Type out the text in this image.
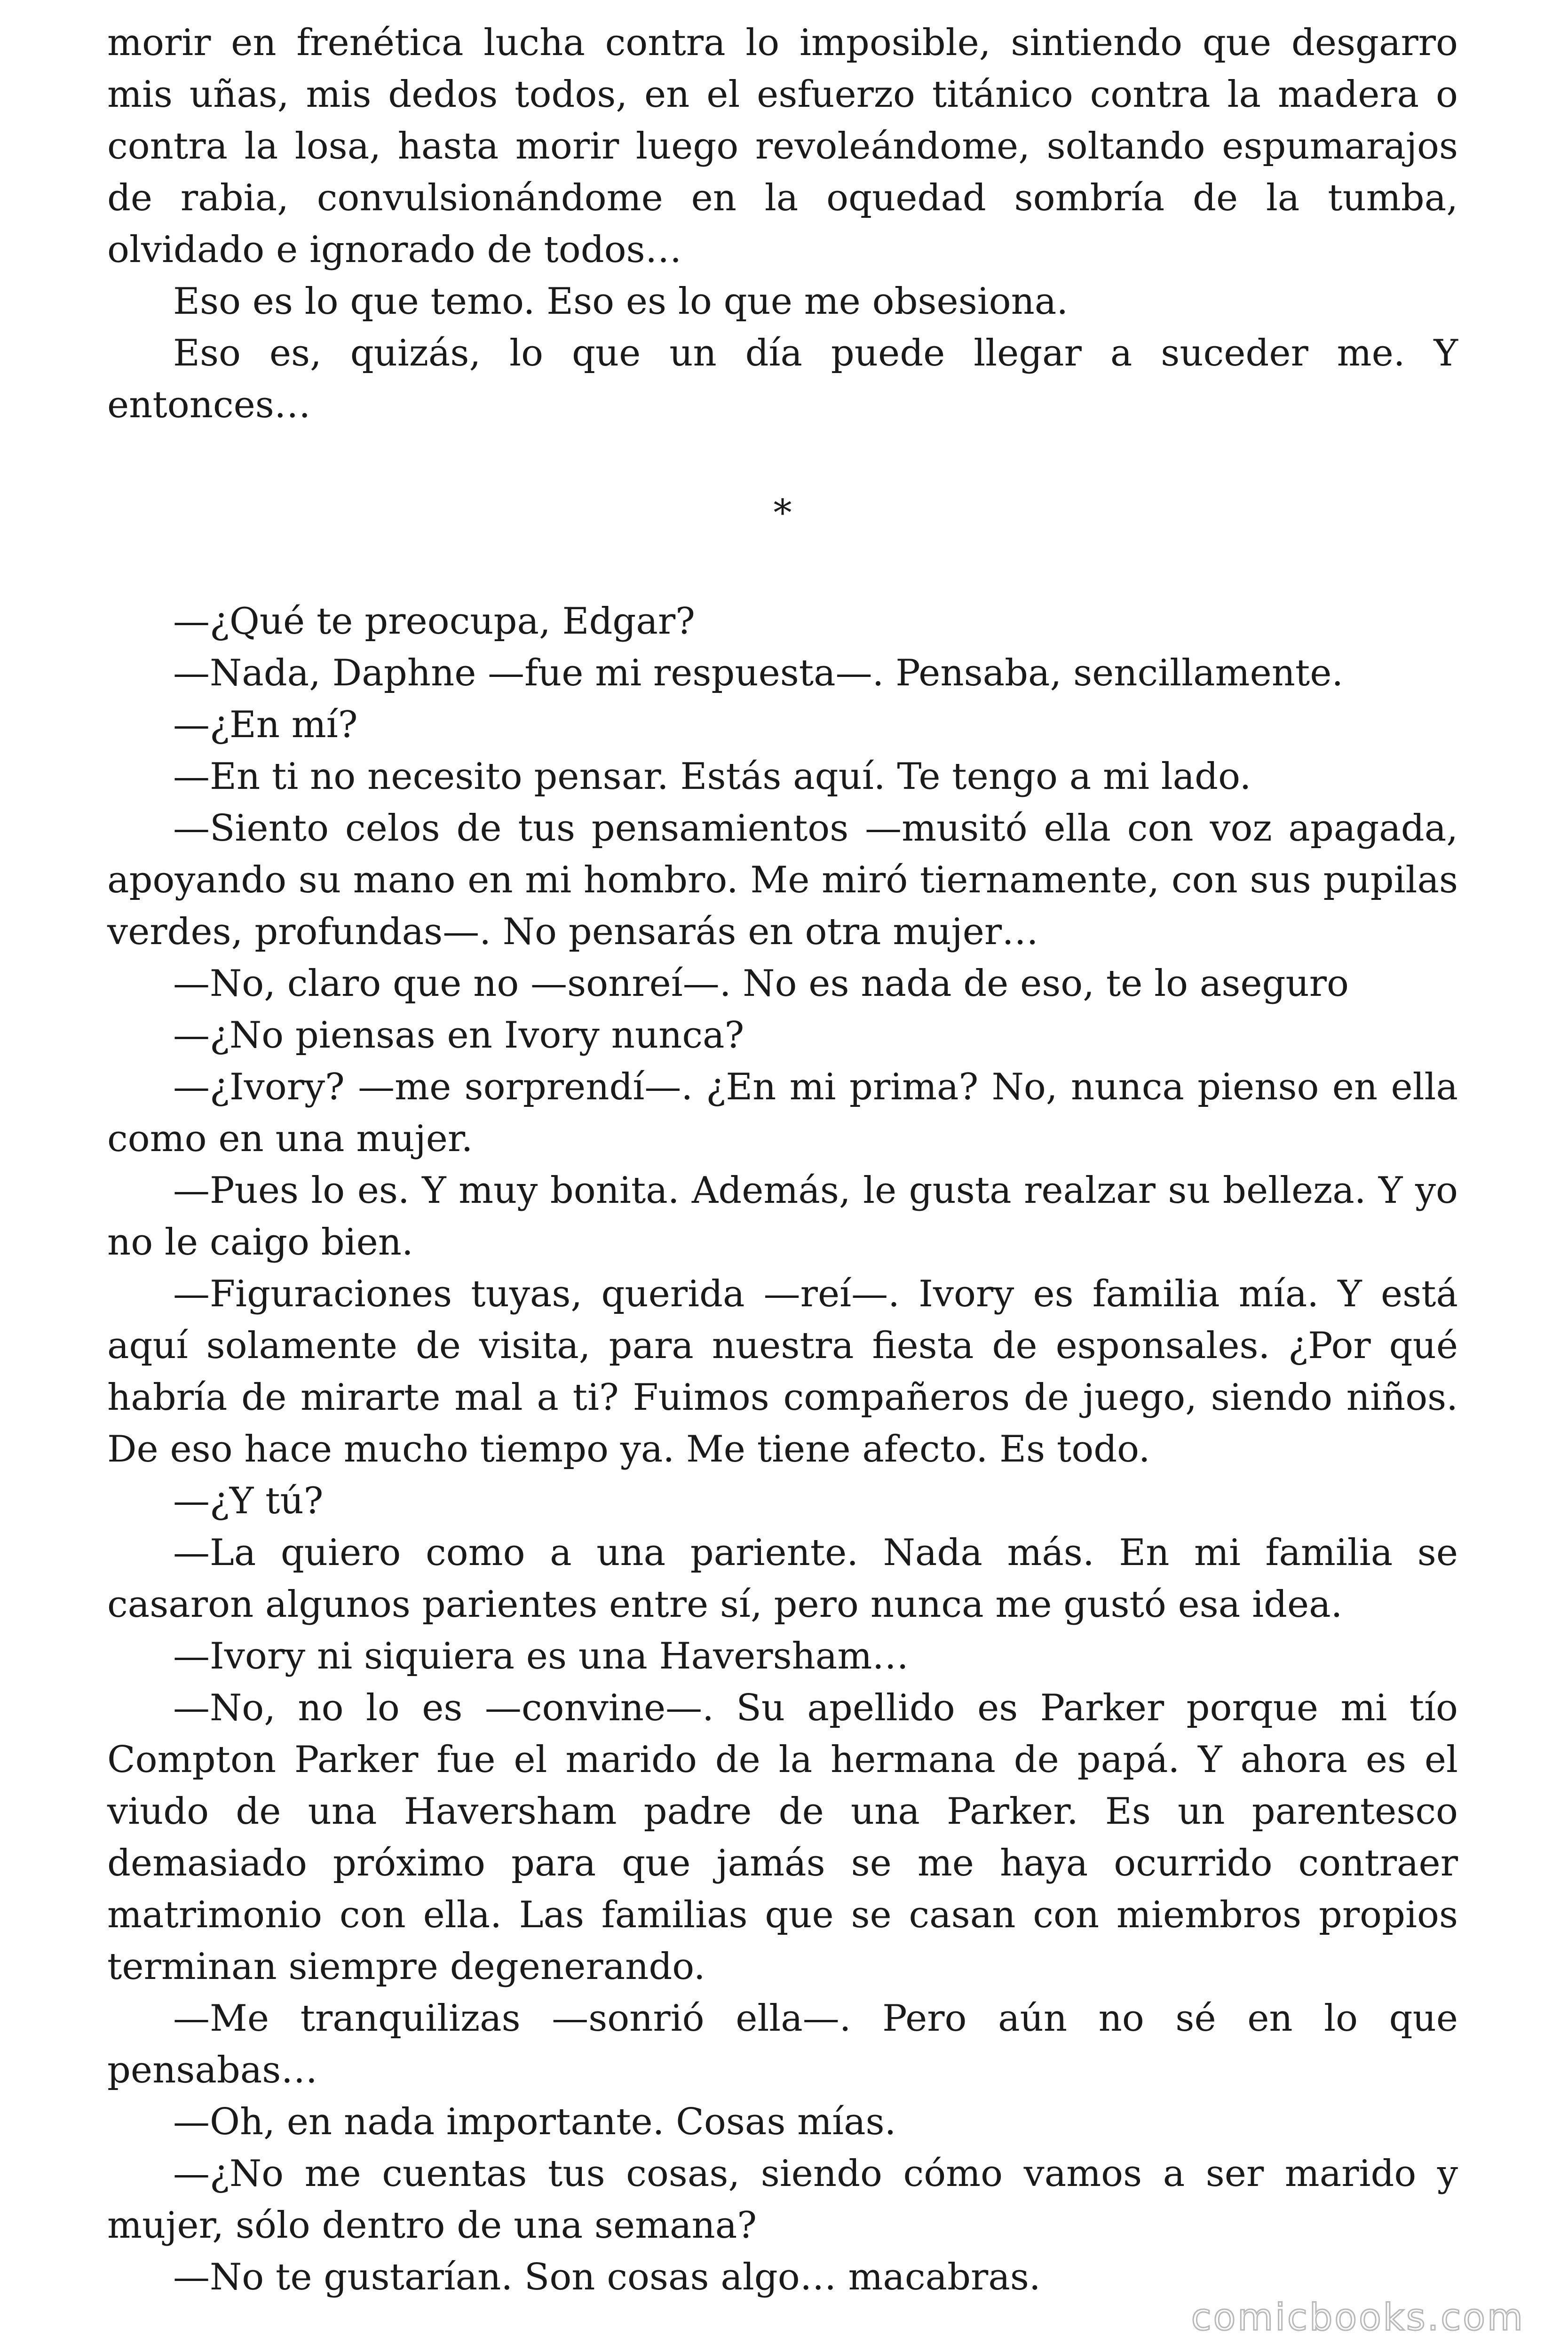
morir en frenética lucha contra lo imposible, sintiendo que desgarro mis uñas, mis dedos todos, en el esfuerzo titánico contra la madera o contra la losa, hasta morir luego revoleándome, soltando espumarajos de rabia, convulsionándome en la oquedad sombría de la tumba, olvidado e ignorado de todos…

Eso es lo que temo. Eso es lo que me obsesiona.

Eso es, quizás, lo que un día puede llegar a suceder me. Y entonces…

*

—¿Qué te preocupa, Edgar?

—Nada, Daphne —fue mi respuesta—. Pensaba, sencillamente.

—¿En mí?

—En ti no necesito pensar. Estás aquí. Te tengo a mi lado.

—Siento celos de tus pensamientos —musitó ella con voz apagada, apoyando su mano en mi hombro. Me miró tiernamente, con sus pupilas verdes, profundas—. No pensarás en otra mujer…

—No, claro que no —sonreí—. No es nada de eso, te lo aseguro

—¿No piensas en Ivory nunca?

—¿Ivory? —me sorprendí—. ¿En mi prima? No, nunca pienso en ella como en una mujer.

—Pues lo es. Y muy bonita. Además, le gusta realzar su belleza. Y yo no le caigo bien.

—Figuraciones tuyas, querida —reí—. Ivory es familia mía. Y está aquí solamente de visita, para nuestra fiesta de esponsales. ¿Por qué habría de mirarte mal a ti? Fuimos compañeros de juego, siendo niños. De eso hace mucho tiempo ya. Me tiene afecto. Es todo.

—¿Y tú?

—La quiero como a una pariente. Nada más. En mi familia se casaron algunos parientes entre sí, pero nunca me gustó esa idea.

—Ivory ni siquiera es una Haversham…

—No, no lo es —convine—. Su apellido es Parker porque mi tío Compton Parker fue el marido de la hermana de papá. Y ahora es el viudo de una Haversham padre de una Parker. Es un parentesco demasiado próximo para que jamás se me haya ocurrido contraer matrimonio con ella. Las familias que se casan con miembros propios terminan siempre degenerando.

—Me tranquilizas —sonrió ella—. Pero aún no sé en lo que pensabas…

—Oh, en nada importante. Cosas mías.

—¿No me cuentas tus cosas, siendo cómo vamos a ser marido y mujer, sólo dentro de una semana?

—No te gustarían. Son cosas algo… macabras.

comicbooks.com
